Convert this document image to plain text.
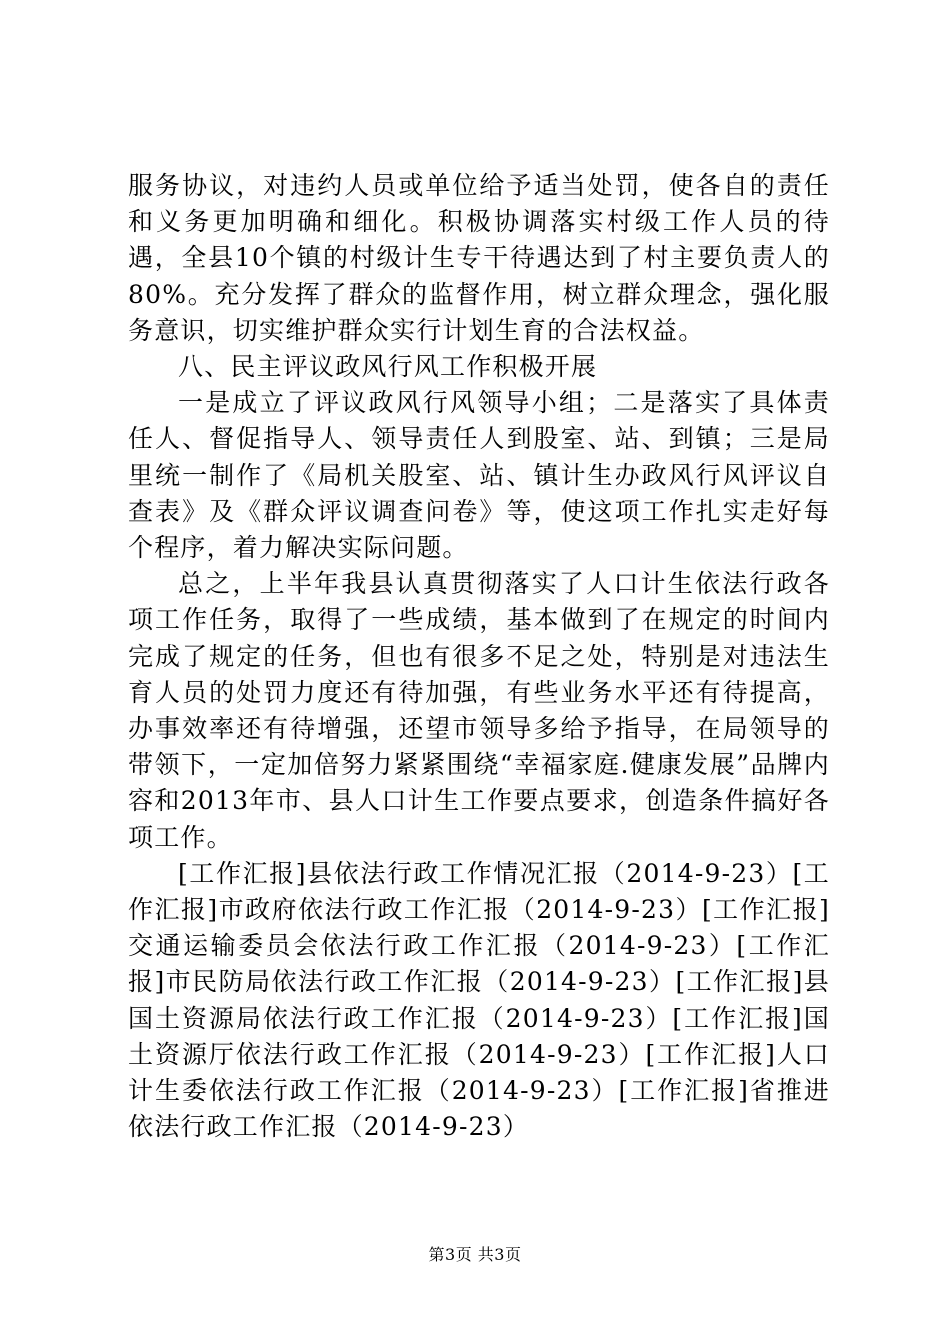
服务协议，对违约人员或单位给予适当处罚，使各自的责任和义务更加明确和细化。积极协调落实村级工作人员的待遇，全县10个镇的村级计生专干待遇达到了村主要负责人的80%。充分发挥了群众的监督作用，树立群众理念，强化服务意识，切实维护群众实行计划生育的合法权益。

八、民主评议政风行风工作积极开展

一是成立了评议政风行风领导小组；二是落实了具体责任人、督促指导人、领导责任人到股室、站、到镇；三是局里统一制作了《局机关股室、站、镇计生办政风行风评议自查表》及《群众评议调查问卷》等，使这项工作扎实走好每个程序，着力解决实际问题。

总之，上半年我县认真贯彻落实了人口计生依法行政各项工作任务，取得了一些成绩，基本做到了在规定的时间内完成了规定的任务，但也有很多不足之处，特别是对违法生育人员的处罚力度还有待加强，有些业务水平还有待提高，办事效率还有待增强，还望市领导多给予指导，在局领导的带领下，一定加倍努力紧紧围绕“幸福家庭.健康发展”品牌内容和2013年市、县人口计生工作要点要求，创造条件搞好各项工作。

[工作汇报]县依法行政工作情况汇报（2014-9-23）[工作汇报]市政府依法行政工作汇报（2014-9-23）[工作汇报]交通运输委员会依法行政工作汇报（2014-9-23）[工作汇报]市民防局依法行政工作汇报（2014-9-23）[工作汇报]县国土资源局依法行政工作汇报（2014-9-23）[工作汇报]国土资源厅依法行政工作汇报（2014-9-23）[工作汇报]人口计生委依法行政工作汇报（2014-9-23）[工作汇报]省推进依法行政工作汇报（2014-9-23）

第3页 共3页
